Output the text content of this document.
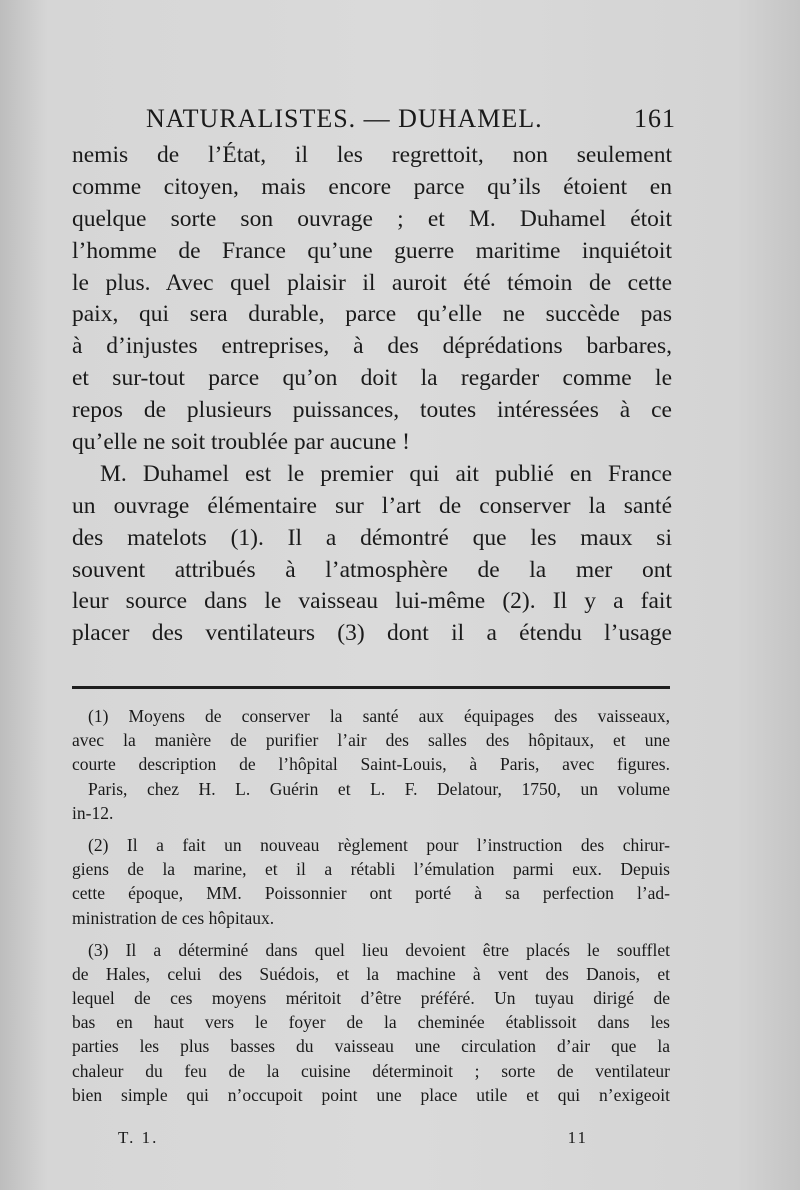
NATURALISTES. — DUHAMEL.	161
nemis de l’État, il les regrettoit, non seulement
comme citoyen, mais encore parce qu’ils étoient en
quelque sorte son ouvrage ; et M. Duhamel étoit
l’homme de France qu’une guerre maritime inquiétoit
le plus. Avec quel plaisir il auroit été témoin de cette
paix, qui sera durable, parce qu’elle ne succède pas
à d’injustes entreprises, à des déprédations barbares,
et sur-tout parce qu’on doit la regarder comme le
repos de plusieurs puissances, toutes intéressées à ce
qu’elle ne soit troublée par aucune !
M. Duhamel est le premier qui ait publié en France
un ouvrage élémentaire sur l’art de conserver la santé
des matelots (1). Il a démontré que les maux si
souvent attribués à l’atmosphère de la mer ont
leur source dans le vaisseau lui-même (2). Il y a fait
placer des ventilateurs (3) dont il a étendu l’usage
(1) Moyens de conserver la santé aux équipages des vaisseaux,
avec la manière de purifier l’air des salles des hôpitaux, et une
courte description de l’hôpital Saint-Louis, à Paris, avec figures.
Paris, chez H. L. Guérin et L. F. Delatour, 1750, un volume
in-12.
(2) Il a fait un nouveau règlement pour l’instruction des chirur-
giens de la marine, et il a rétabli l’émulation parmi eux. Depuis
cette époque, MM. Poissonnier ont porté à sa perfection l’ad-
ministration de ces hôpitaux.
(3) Il a déterminé dans quel lieu devoient être placés le soufflet
de Hales, celui des Suédois, et la machine à vent des Danois, et
lequel de ces moyens méritoit d’être préféré. Un tuyau dirigé de
bas en haut vers le foyer de la cheminée établissoit dans les
parties les plus basses du vaisseau une circulation d’air que la
chaleur du feu de la cuisine déterminoit ; sorte de ventilateur
bien simple qui n’occupoit point une place utile et qui n’exigeoit
T. 1.	11
